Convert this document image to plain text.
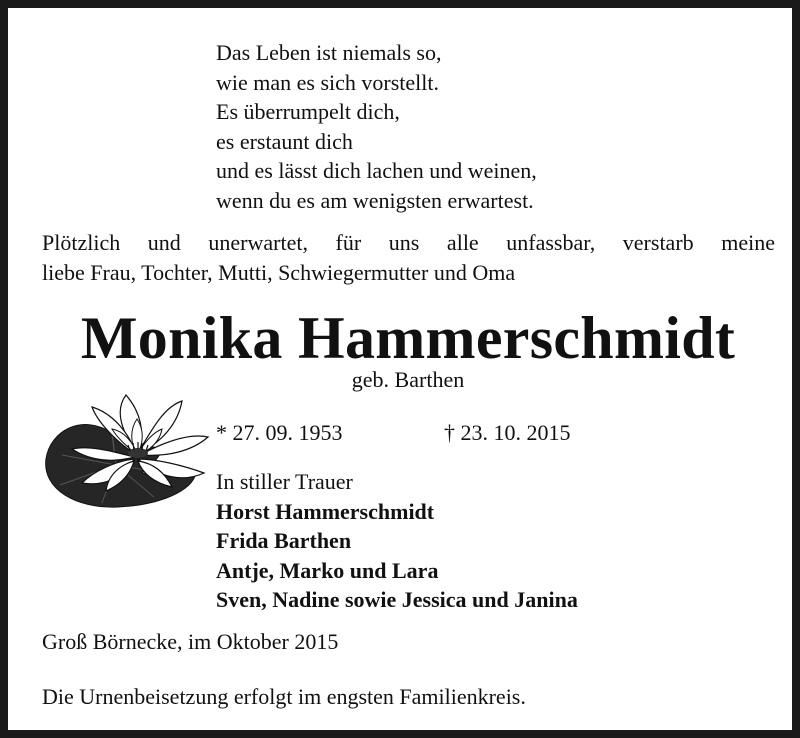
Das Leben ist niemals so,
wie man es sich vorstellt.
Es überrumpelt dich,
es erstaunt dich
und es lässt dich lachen und weinen,
wenn du es am wenigsten erwartest.
Plötzlich und unerwartet, für uns alle unfassbar, verstarb meine
liebe Frau, Tochter, Mutti, Schwiegermutter und Oma
Monika Hammerschmidt
geb. Barthen
* 27. 09. 1953	† 23. 10. 2015
In stiller Trauer
Horst Hammerschmidt
Frida Barthen
Antje, Marko und Lara
Sven, Nadine sowie Jessica und Janina
Groß Börnecke, im Oktober 2015
Die Urnenbeisetzung erfolgt im engsten Familienkreis.
